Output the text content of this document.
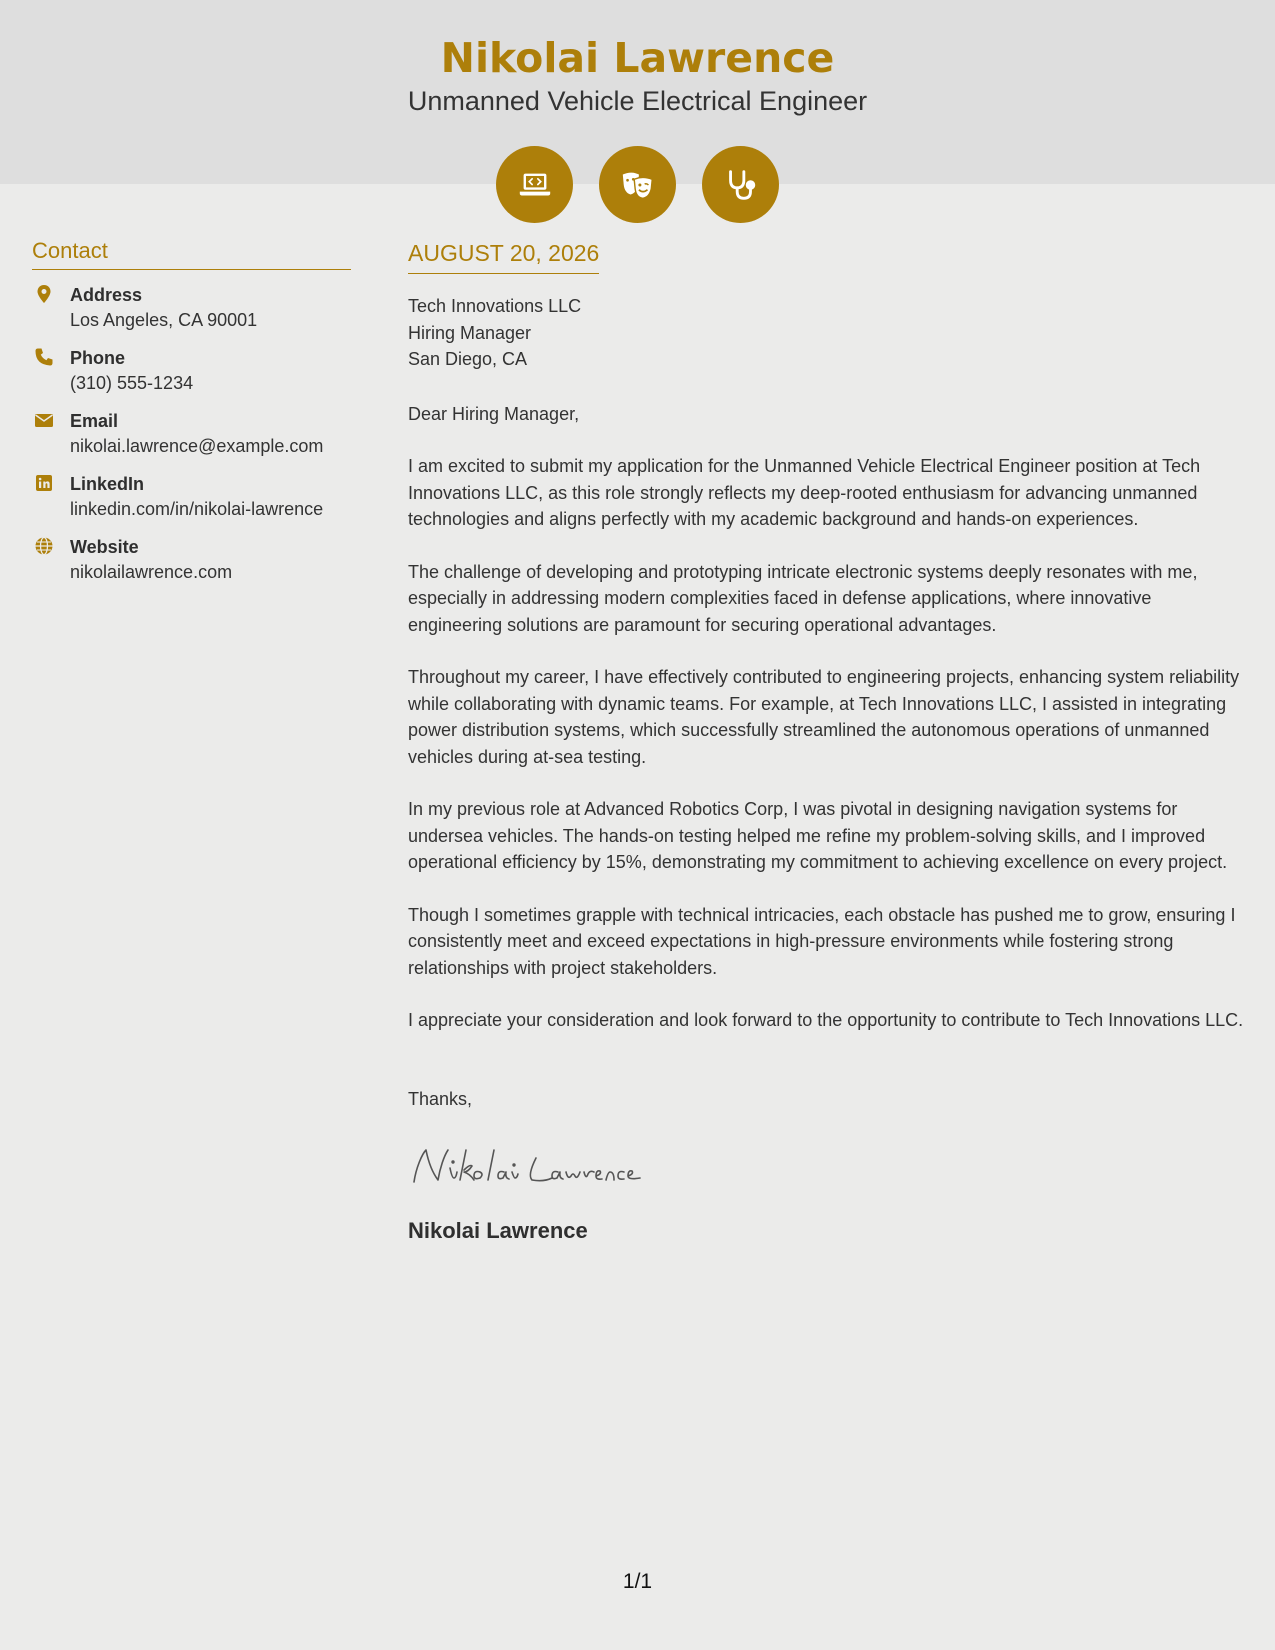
Nikolai Lawrence
Unmanned Vehicle Electrical Engineer
Contact
Address
Los Angeles, CA 90001
Phone
(310) 555-1234
Email
nikolai.lawrence@example.com
LinkedIn
linkedin.com/in/nikolai-lawrence
Website
nikolailawrence.com
AUGUST 20, 2026
Tech Innovations LLC
Hiring Manager
San Diego, CA

Dear Hiring Manager,

I am excited to submit my application for the Unmanned Vehicle Electrical Engineer position at Tech Innovations LLC, as this role strongly reflects my deep-rooted enthusiasm for advancing unmanned technologies and aligns perfectly with my academic background and hands-on experiences.

The challenge of developing and prototyping intricate electronic systems deeply resonates with me, especially in addressing modern complexities faced in defense applications, where innovative engineering solutions are paramount for securing operational advantages.

Throughout my career, I have effectively contributed to engineering projects, enhancing system reliability while collaborating with dynamic teams. For example, at Tech Innovations LLC, I assisted in integrating power distribution systems, which successfully streamlined the autonomous operations of unmanned vehicles during at-sea testing.

In my previous role at Advanced Robotics Corp, I was pivotal in designing navigation systems for undersea vehicles. The hands-on testing helped me refine my problem-solving skills, and I improved operational efficiency by 15%, demonstrating my commitment to achieving excellence on every project.

Though I sometimes grapple with technical intricacies, each obstacle has pushed me to grow, ensuring I consistently meet and exceed expectations in high-pressure environments while fostering strong relationships with project stakeholders.

I appreciate your consideration and look forward to the opportunity to contribute to Tech Innovations LLC.

Thanks,

Nikolai Lawrence
1/1
